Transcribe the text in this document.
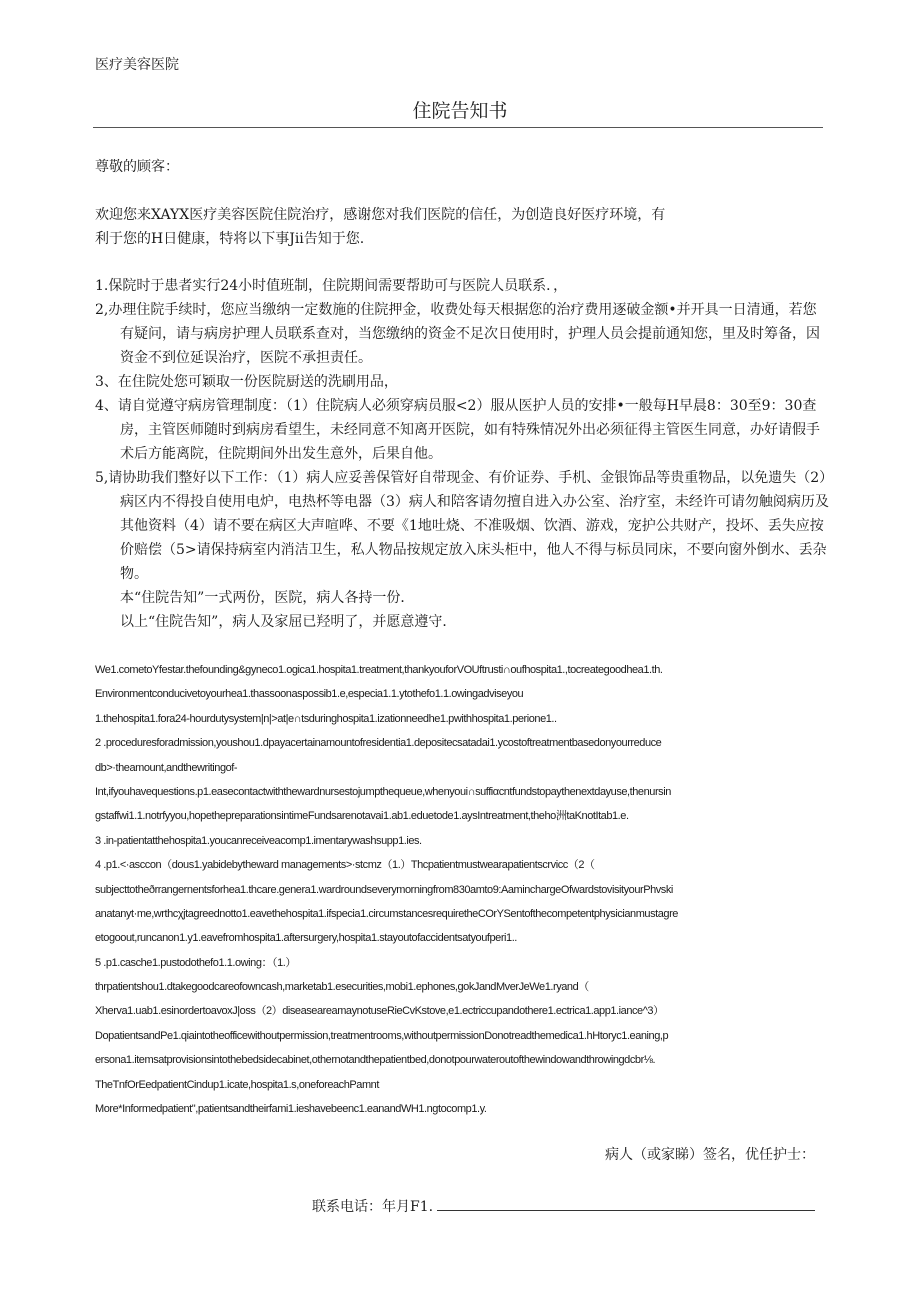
医疗美容医院
住院告知书
尊敬的顾客：

欢迎您来XAYX医疗美容医院住院治疗，感谢您对我们医院的信任，为创造良好医疗环境，有

利于您的H日健康，特将以下事Jii告知于您.

1.保院时于患者实行24小时值班制，住院期间需要帮助可与医院人员联系．，

2,办理住院手续时，您应当缴纳一定数施的住院押金，收费处每天根据您的治疗费用逐破金额•并开具一日清通，若您有疑问，请与病房护理人员联系查对，当您缴纳的资金不足次日使用时，护理人员会提前通知您，里及时筹备，因资金不到位延误治疗，医院不承担责任。

3、在住院处您可颖取一份医院厨送的洗刷用品，

4、请自觉遵守病房管理制度：（1）住院病人必须穿病员服<2）服从医护人员的安排•一般每H早晨8：30至9：30查房，主管医师随时到病房看望生，未经同意不知离开医院，如有特殊情况外出必须征得主管医生同意，办好请假手术后方能离院，住院期间外出发生意外，后果自他。

5,请协助我们整好以下工作：（1）病人应妥善保管好自带现金、有价证券、手机、金银饰品等贵重物品，以免遗失（2）病区内不得投自使用电炉，电热杯等电器（3）病人和陪客请勿擅自进入办公室、治疗室，未经许可请勿触阅病历及其他资料（4）请不要在病区大声喧哗、不要《1地吐烧、不准吸烟、饮酒、游戏，宠护公共财产，投坏、丢失应按价赔偿（5>请保持病室内消洁卫生，私人物品按规定放入床头柜中，他人不得与标员同床，不要向窗外倒水、丢杂物。

本“住院告知”一式两份，医院，病人各持一份．

以上“住院告知”，病人及家屈已羟明了，并愿意遵守．

We1.cometoYfestar.thefounding&gyneco1.ogica1.hospita1.treatment,thankyouforVOUftrusti∩oufhospita1.,tocreategoodhea1.th.

Environmentconducivetoyourhea1.thassoonaspossib1.e,especia1.1.ytothefo1.1.owingadviseyou

1.thehospita1.fora24-hourdutysystem|n|>at|e∩tsduringhospita1.izationneedhe1.pwithhospita1.perione1..

2 .proceduresforadmission,youshou1.dpayacertainamountofresidentia1.depositecsatadai1.ycostoftreatmentbasedonyourreduce

db>·theamount,andthewritingof-

Int,ifyouhavequestions.p1.easecontactwiththewardnursestojumpthequeue,whenyoui∩suffiαcntfundstopaythenextdayuse,thenursin

gstaffwi1.1.notrfyyou,hopethepreparationsintimeFundsarenotavai1.ab1.eduetode1.aysIntreatment,theho洲taKnotItab1.e.

3 .in-patientatthehospita1.youcanreceiveacomp1.imentarywashsupp1.ies.

4 .p1.<·asccon（dous1.yabidebytheward managements>·stcmz（1.）Thcpatientmustwearapatientscrvicc（2（

subjecttotheðrrangernentsforhea1.thcare.genera1.wardroundseverymorningfrom830amto9:AaminchargeOfwardstovisityourPhvski

anatanyt·me,wrthcχjtagreednotto1.eavethehospita1.ifspecia1.circumstancesrequiretheCOrYSentofthecompetentphysicianmustagre

etogoout,runcanon1.y1.eavefromhospita1.aftersurgery,hospita1.stayoutofaccidentsatyoufperi1..

5 .p1.casche1.pustodothefo1.1.owing：（1.）

thrpatientshou1.dtakegoodcareofowncash,marketab1.esecurities,mobi1.ephones,gokJandMverJeWe1.ryand（

Xherva1.uab1.esinordertoavoxJ|oss（2）diseaseareamaynotuseRieCvKstove,e1.ectriccupandothere1.ectrica1.app1.iance^3）

DopatientsandPe1.qiaintotheofficewithoutpermission,treatmentrooms,withoutpermissionDonotreadthemedica1.hHtoryc1.eaning,p

ersona1.itemsatprovisionsintothebedsidecabinet,othernotandthepatientbed,donotpourwateroutofthewindowandthrowingdcbr⅛.

TheTnfOrEedpatientCindup1.icate,hospita1.s,oneforeachPamnt

More*Informedpatient",patientsandtheirfami1.ieshavebeenc1.eanandWH1.ngtocomp1.y.

病人（或家睇）签名，优任护士：
联系电话：年月F1.
